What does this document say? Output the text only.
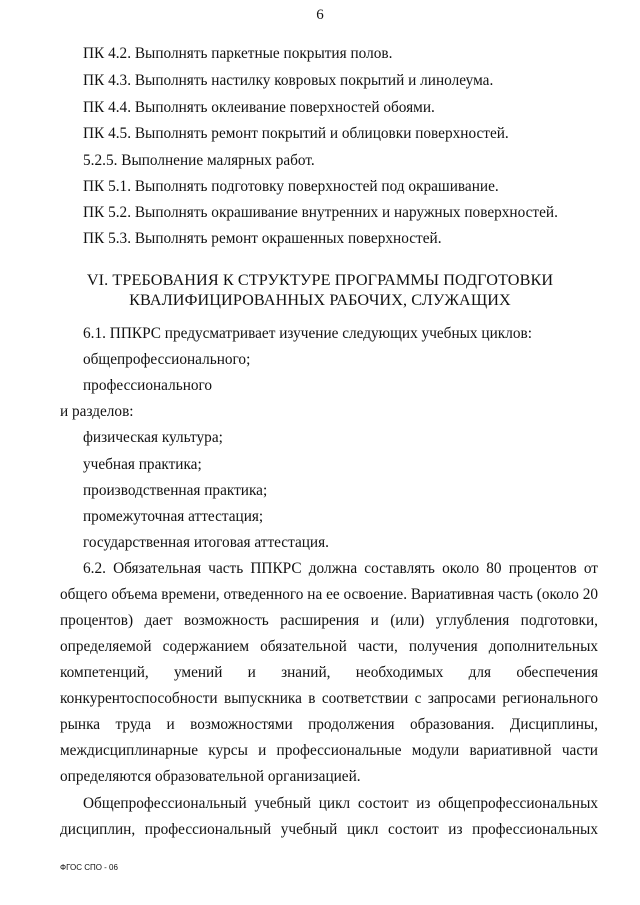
6
ПК 4.2. Выполнять паркетные покрытия полов.
ПК 4.3. Выполнять настилку ковровых покрытий и линолеума.
ПК 4.4. Выполнять оклеивание поверхностей обоями.
ПК 4.5. Выполнять ремонт покрытий и облицовки поверхностей.
5.2.5. Выполнение малярных работ.
ПК 5.1. Выполнять подготовку поверхностей под окрашивание.
ПК 5.2. Выполнять окрашивание внутренних и наружных поверхностей.
ПК 5.3. Выполнять ремонт окрашенных поверхностей.
VI. ТРЕБОВАНИЯ К СТРУКТУРЕ ПРОГРАММЫ ПОДГОТОВКИ
КВАЛИФИЦИРОВАННЫХ РАБОЧИХ, СЛУЖАЩИХ
6.1. ППКРС предусматривает изучение следующих учебных циклов:
общепрофессионального;
профессионального
и разделов:
физическая культура;
учебная практика;
производственная практика;
промежуточная аттестация;
государственная итоговая аттестация.
6.2. Обязательная часть ППКРС должна составлять около 80 процентов от
общего объема времени, отведенного на ее освоение. Вариативная часть (около 20
процентов) дает возможность расширения и (или) углубления подготовки,
определяемой содержанием обязательной части, получения дополнительных
компетенций, умений и знаний, необходимых для обеспечения
конкурентоспособности выпускника в соответствии с запросами регионального
рынка труда и возможностями продолжения образования. Дисциплины,
междисциплинарные курсы и профессиональные модули вариативной части
определяются образовательной организацией.
Общепрофессиональный учебный цикл состоит из общепрофессиональных
дисциплин, профессиональный учебный цикл состоит из профессиональных
ФГОС СПО - 06
